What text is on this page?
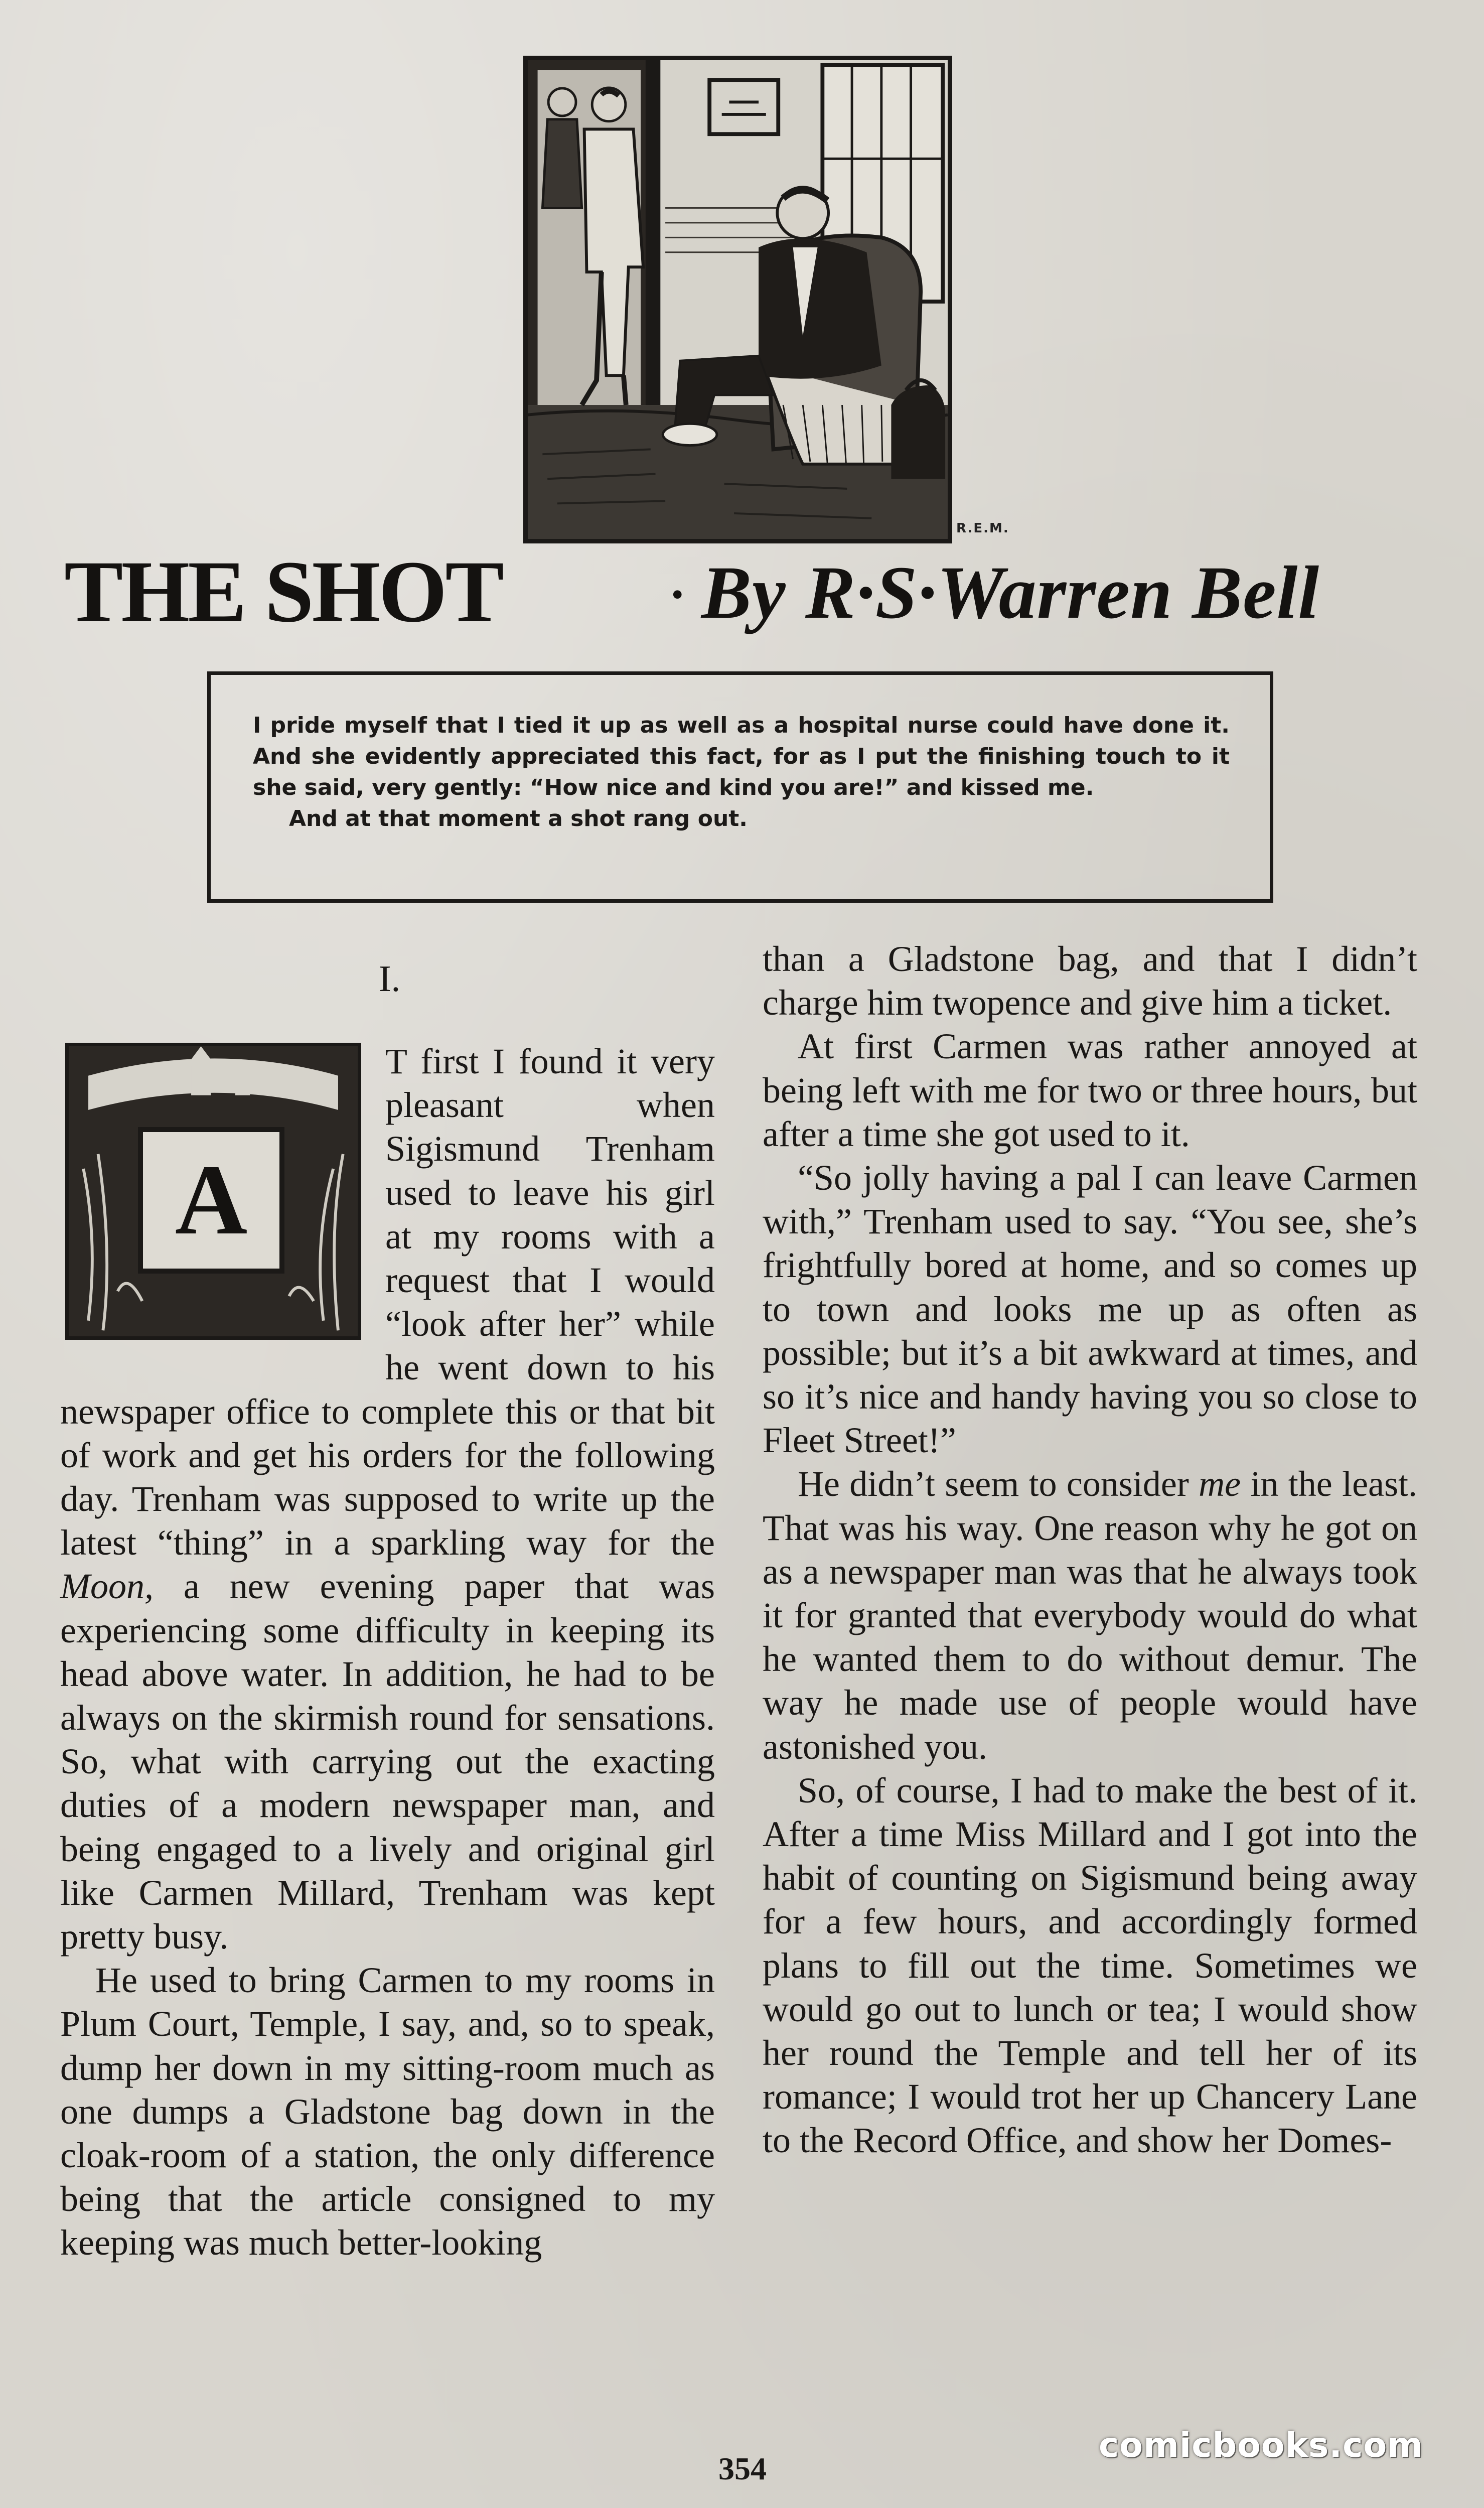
R.E.M.
THE SHOT	• By R·S·Warren Bell

I pride myself that I tied it up as well as a hospital nurse could have done it. And she evidently appreciated this fact, for as I put the finishing touch to it she said, very gently: “How nice and kind you are!” and kissed me.

And at that moment a shot rang out.

I.
A

T first I found it very pleasant when Sigismund Trenham used to leave his girl at my rooms with a request that I would “look after her” while he went down to his newspaper office to complete this or that bit of work and get his orders for the following day. Trenham was supposed to write up the latest “thing” in a sparkling way for the Moon, a new evening paper that was experiencing some difficulty in keeping its head above water. In addition, he had to be always on the skirmish round for sensations. So, what with carrying out the exacting duties of a modern newspaper man, and being engaged to a lively and original girl like Carmen Millard, Trenham was kept pretty busy.

He used to bring Carmen to my rooms in Plum Court, Temple, I say, and, so to speak, dump her down in my sitting-room much as one dumps a Gladstone bag down in the cloak-room of a station, the only difference being that the article consigned to my keeping was much better-looking

than a Gladstone bag, and that I didn’t charge him twopence and give him a ticket.

At first Carmen was rather annoyed at being left with me for two or three hours, but after a time she got used to it.

“So jolly having a pal I can leave Carmen with,” Trenham used to say. “You see, she’s frightfully bored at home, and so comes up to town and looks me up as often as possible; but it’s a bit awkward at times, and so it’s nice and handy having you so close to Fleet Street!”

He didn’t seem to consider me in the least. That was his way. One reason why he got on as a newspaper man was that he always took it for granted that everybody would do what he wanted them to do without demur. The way he made use of people would have astonished you.

So, of course, I had to make the best of it. After a time Miss Millard and I got into the habit of counting on Sigismund being away for a few hours, and accordingly formed plans to fill out the time. Sometimes we would go out to lunch or tea; I would show her round the Temple and tell her of its romance; I would trot her up Chancery Lane to the Record Office, and show her Domes-

354
comicbooks.com
